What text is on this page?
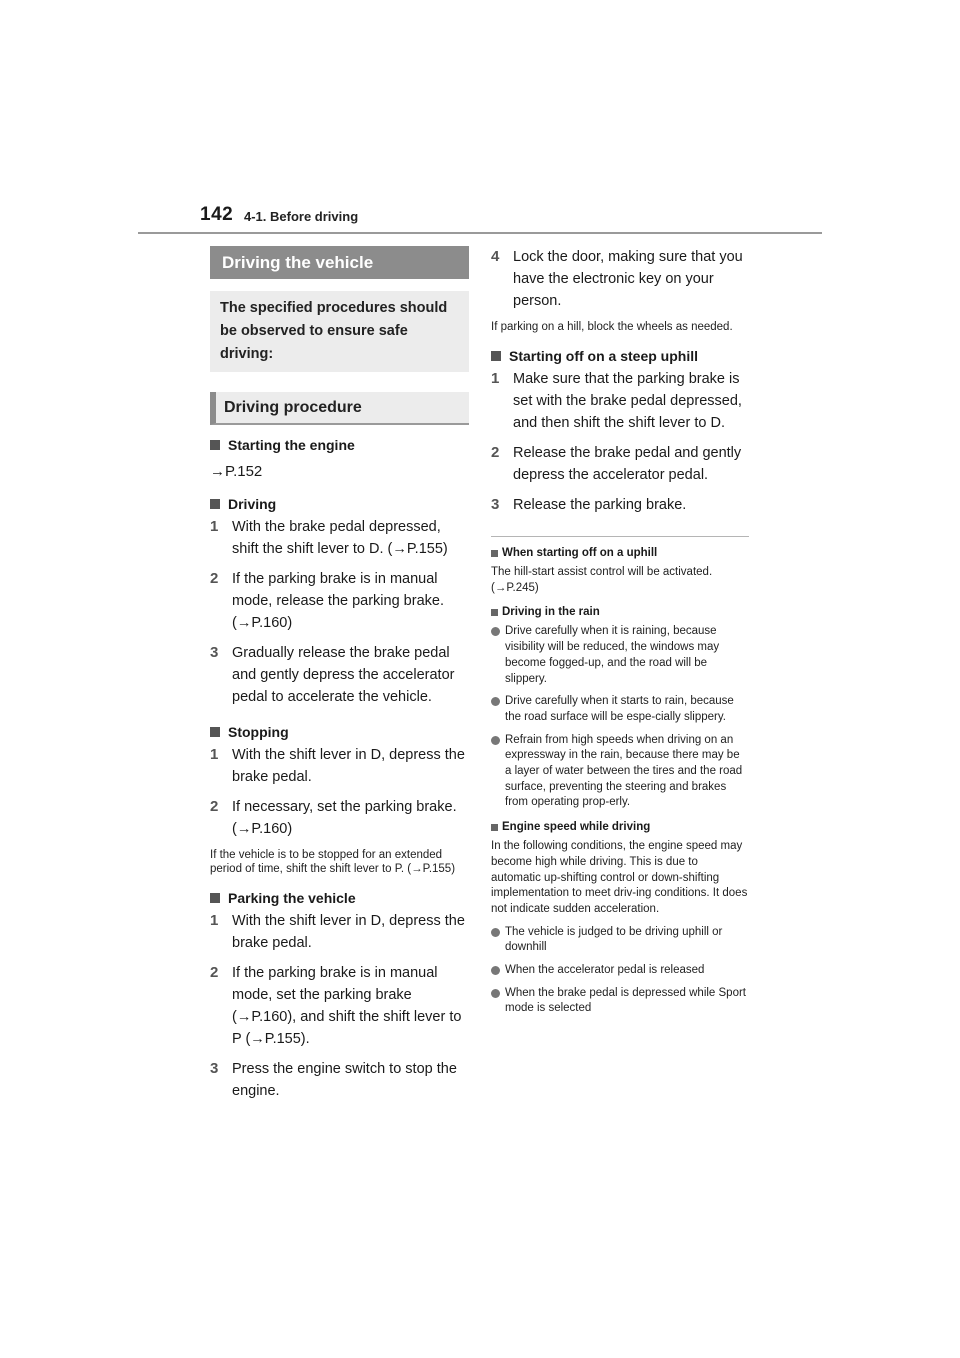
142 4-1. Before driving
Driving the vehicle
The specified procedures should be observed to ensure safe driving:
Driving procedure
Starting the engine
→P.152
Driving
1 With the brake pedal depressed, shift the shift lever to D. (→P.155)
2 If the parking brake is in manual mode, release the parking brake. (→P.160)
3 Gradually release the brake pedal and gently depress the accelerator pedal to accelerate the vehicle.
Stopping
1 With the shift lever in D, depress the brake pedal.
2 If necessary, set the parking brake. (→P.160)
If the vehicle is to be stopped for an extended period of time, shift the shift lever to P. (→P.155)
Parking the vehicle
1 With the shift lever in D, depress the brake pedal.
2 If the parking brake is in manual mode, set the parking brake (→P.160), and shift the shift lever to P (→P.155).
3 Press the engine switch to stop the engine.
4 Lock the door, making sure that you have the electronic key on your person.
If parking on a hill, block the wheels as needed.
Starting off on a steep uphill
1 Make sure that the parking brake is set with the brake pedal depressed, and then shift the shift lever to D.
2 Release the brake pedal and gently depress the accelerator pedal.
3 Release the parking brake.
When starting off on a uphill
The hill-start assist control will be activated. (→P.245)
Driving in the rain
Drive carefully when it is raining, because visibility will be reduced, the windows may become fogged-up, and the road will be slippery.
Drive carefully when it starts to rain, because the road surface will be espe-cially slippery.
Refrain from high speeds when driving on an expressway in the rain, because there may be a layer of water between the tires and the road surface, preventing the steering and brakes from operating prop-erly.
Engine speed while driving
In the following conditions, the engine speed may become high while driving. This is due to automatic up-shifting control or down-shifting implementation to meet driv-ing conditions. It does not indicate sudden acceleration.
The vehicle is judged to be driving uphill or downhill
When the accelerator pedal is released
When the brake pedal is depressed while Sport mode is selected
